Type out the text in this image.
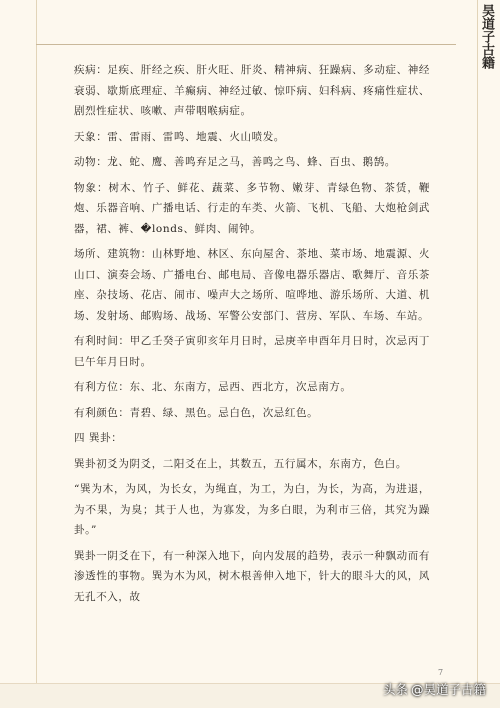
昊道子古籍

疾病：足疾、肝经之疾、肝火旺、肝炎、精神病、狂躁病、多动症、神经衰弱、歇斯底理症、羊癫病、神经过敏、惊吓病、妇科病、疼痛性症状、剧烈性症状、咳嗽、声带咽喉病症。

天象：雷、雷雨、雷鸣、地震、火山喷发。

动物：龙、蛇、鹰、善鸣弃足之马，善鸣之鸟、蜂、百虫、鹅鹄。

物象：树木、竹子、鲜花、蔬菜、多节物、嫩芽、青绿色物、茶赁，鞭炮、乐器音响、广播电话、行走的车类、火箭、飞机、飞船、大炮枪剑武器，裙、裤、�londs、鲜肉、闹钟。

场所、建筑物：山林野地、林区、东向屋舍、茶地、菜市场、地震源、火山口、演奏会场、广播电台、邮电局、音像电器乐器店、歌舞厅、音乐茶座、杂技场、花店、闹市、噪声大之场所、喧哗地、游乐场所、大道、机场、发射场、邮购场、战场、军警公安部门、营房、军队、车场、车站。

有利时间：甲乙壬癸子寅卯亥年月日时，忌庚辛申酉年月日时，次忌丙丁巳午年月日时。

有利方位：东、北、东南方，忌西、西北方，次忌南方。

有利颜色：青碧、绿、黑色。忌白色，次忌红色。

四 巽卦：

巽卦初爻为阴爻，二阳爻在上，其数五，五行属木，东南方，色白。

“巽为木，为风，为长女，为绳直，为工，为白，为长，为高，为进退，为不果，为臭；其于人也，为寡发，为多白眼，为利市三倍，其究为躁卦。”

巽卦一阴爻在下，有一种深入地下，向内发展的趋势，表示一种飘动而有渗透性的事物。巽为木为风，树木根善伸入地下，针大的眼斗大的风，风无孔不入，故

7
头条 @昊道子古籍
